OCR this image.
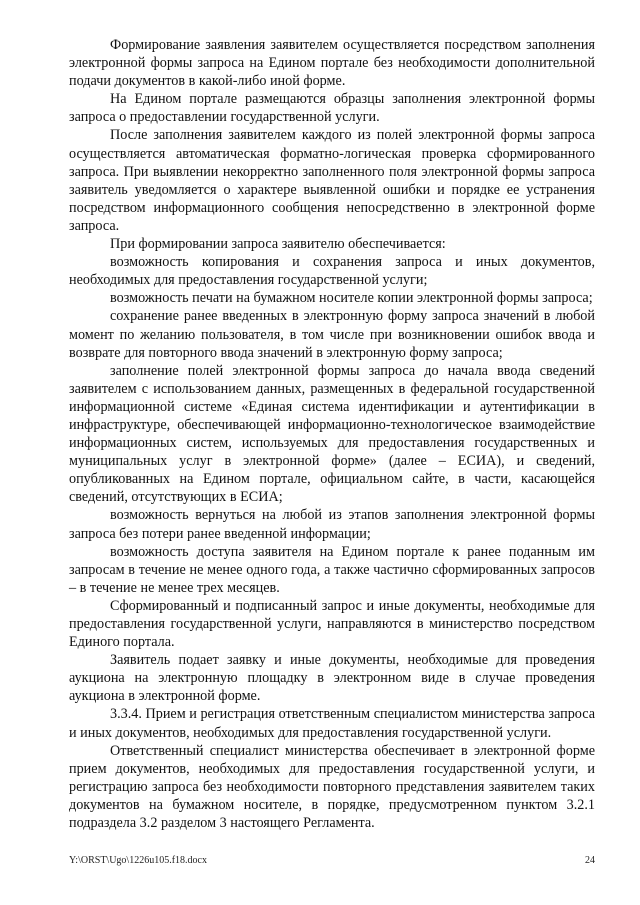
Формирование заявления заявителем осуществляется посредством заполнения электронной формы запроса на Едином портале без необходимости дополнительной подачи документов в какой-либо иной форме.

На Едином портале размещаются образцы заполнения электронной формы запроса о предоставлении государственной услуги.

После заполнения заявителем каждого из полей электронной формы запроса осуществляется автоматическая форматно-логическая проверка сформированного запроса. При выявлении некорректно заполненного поля электронной формы запроса заявитель уведомляется о характере выявленной ошибки и порядке ее устранения посредством информационного сообщения непосредственно в электронной форме запроса.

При формировании запроса заявителю обеспечивается:

возможность копирования и сохранения запроса и иных документов, необходимых для предоставления государственной услуги;

возможность печати на бумажном носителе копии электронной формы запроса;

сохранение ранее введенных в электронную форму запроса значений в любой момент по желанию пользователя, в том числе при возникновении ошибок ввода и возврате для повторного ввода значений в электронную форму запроса;

заполнение полей электронной формы запроса до начала ввода сведений заявителем с использованием данных, размещенных в федеральной государственной информационной системе «Единая система идентификации и аутентификации в инфраструктуре, обеспечивающей информационно-технологическое взаимодействие информационных систем, используемых для предоставления государственных и муниципальных услуг в электронной форме» (далее – ЕСИА), и сведений, опубликованных на Едином портале, официальном сайте, в части, касающейся сведений, отсутствующих в ЕСИА;

возможность вернуться на любой из этапов заполнения электронной формы запроса без потери ранее введенной информации;

возможность доступа заявителя на Едином портале к ранее поданным им запросам в течение не менее одного года, а также частично сформированных запросов – в течение не менее трех месяцев.

Сформированный и подписанный запрос и иные документы, необходимые для предоставления государственной услуги, направляются в министерство посредством Единого портала.

Заявитель подает заявку и иные документы, необходимые для проведения аукциона на электронную площадку в электронном виде в случае проведения аукциона в электронной форме.

3.3.4. Прием и регистрация ответственным специалистом министерства запроса и иных документов, необходимых для предоставления государственной услуги.

Ответственный специалист министерства обеспечивает в электронной форме прием документов, необходимых для предоставления государственной услуги, и регистрацию запроса без необходимости повторного представления заявителем таких документов на бумажном носителе, в порядке, предусмотренном пунктом 3.2.1 подраздела 3.2 разделом 3 настоящего Регламента.

Y:\ORST\Ugo\1226u105.f18.docx	24
